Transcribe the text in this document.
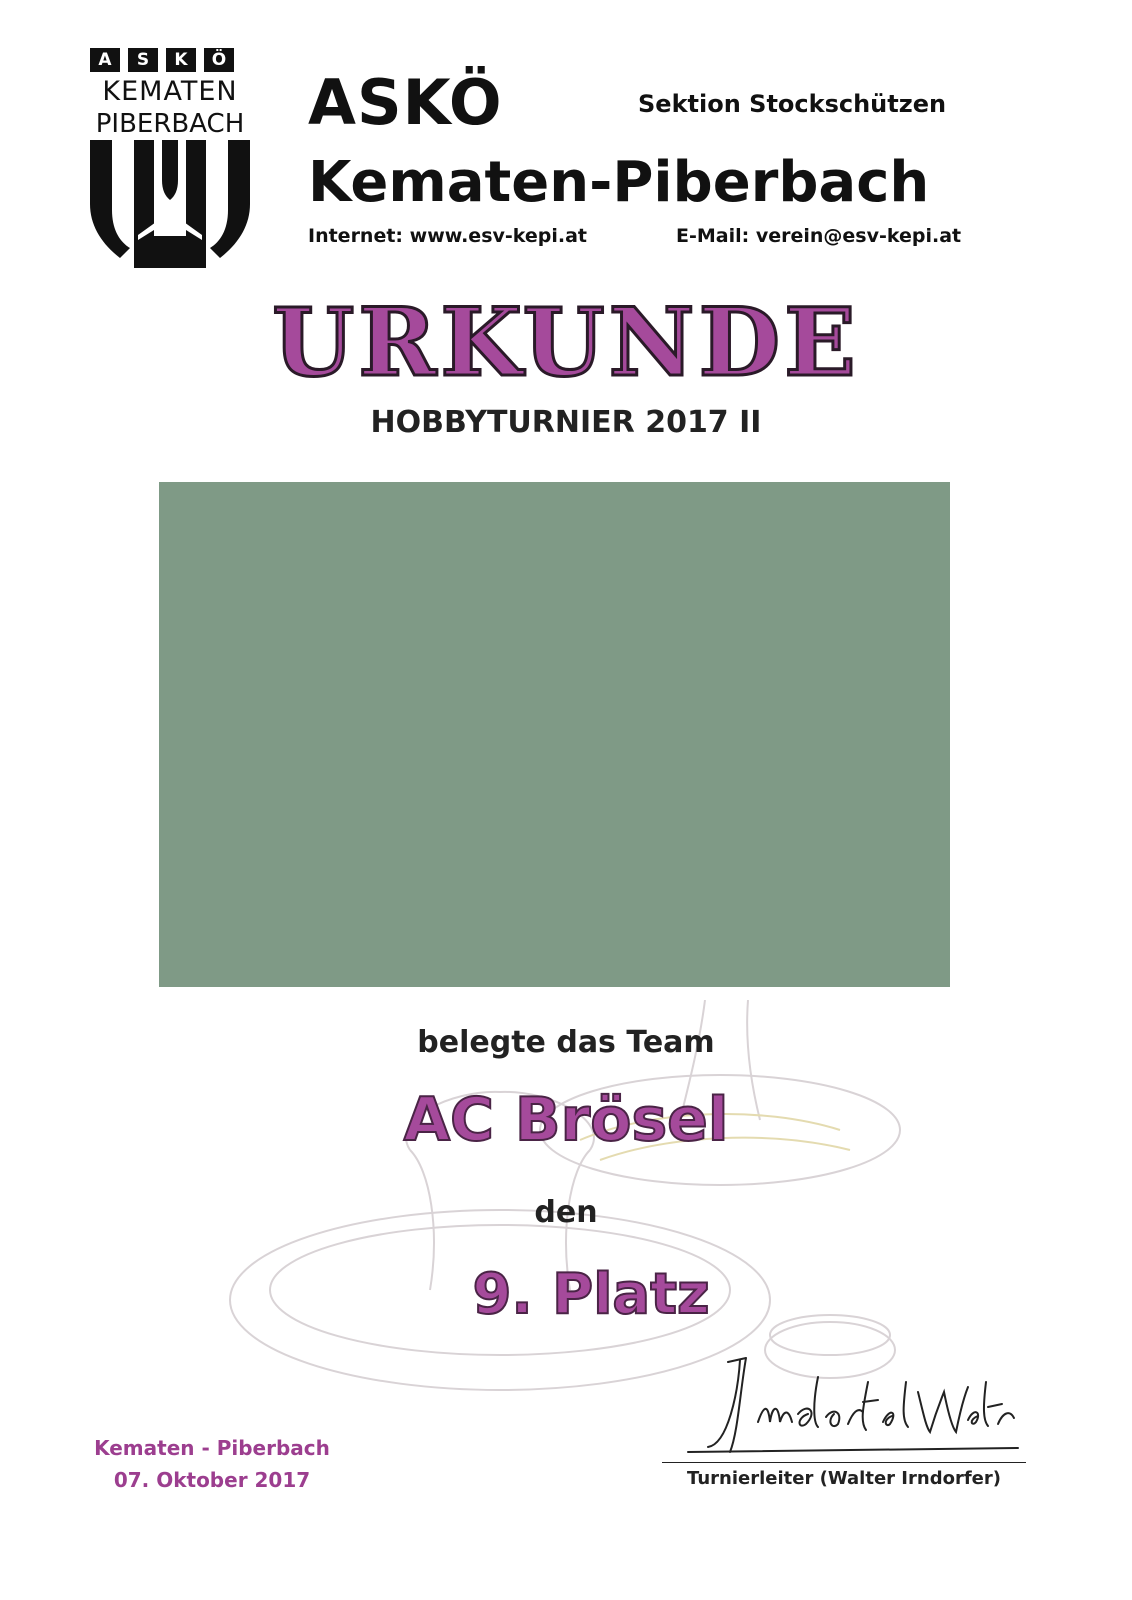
A	S	K	Ö
KEMATEN
PIBERBACH ASKÖ	Sektion Stockschützen
Kematen-Piberbach
Internet: www.esv-kepi.at	E-Mail: verein@esv-kepi.at
URKUNDE
HOBBYTURNIER 2017 II
belegte das Team
AC Brösel
den
9. Platz
Kematen - Piberbach
07. Oktober 2017	Turnierleiter (Walter Irndorfer)
